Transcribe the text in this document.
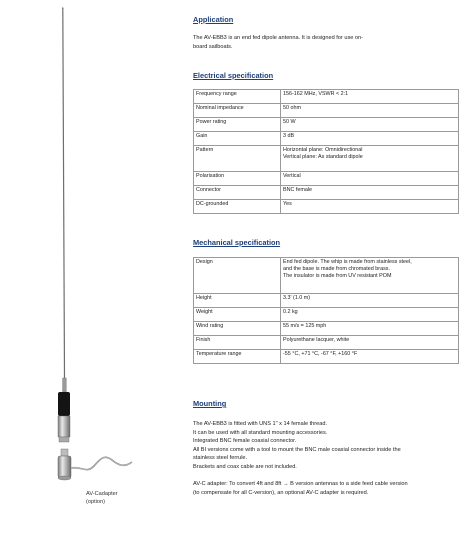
AV-Cadapter
(option)
Application
The AV-EBB3 is an end fed dipole antenna. It is designed for use on-
board sailboats.
Electrical specification
Frequency range	156-162 MHz, VSWR < 2:1
Nominal impedance	50 ohm
Power rating	50 W
Gain	3 dB
Pattern	Horizontal plane: Omnidirectional
Vertical plane: As standard dipole

Polarisation	Vertical
Connector	BNC female
DC-grounded	Yes
Mechanical specification
Design	End fed dipole. The whip is made from stainless steel,
and the base is made from chromated brass.
The insulator is made from UV resistant POM

Height	3.3' (1.0 m)
Weight	0.2 kg
Wind rating	55 m/s = 125 mph
Finish	Polyurethane lacquer, white
Temperature range	-55 °C, +71 °C, -67 °F, +160 °F
Mounting
The AV-EBB3 is fitted with UNS 1" x 14 female thread.
It can be used with all standard mounting accessories.
Integrated BNC female coaxial connector.
All BI versions come with a tool to mount the BNC male coaxial connector inside the
stainless steel ferrule.
Brackets and coax cable are not included.
AV-C adapter: To convert 4ft and 8ft → B version antennas to a side feed cable version
(to compensate for all C-version), an optional AV-C adapter is required.
